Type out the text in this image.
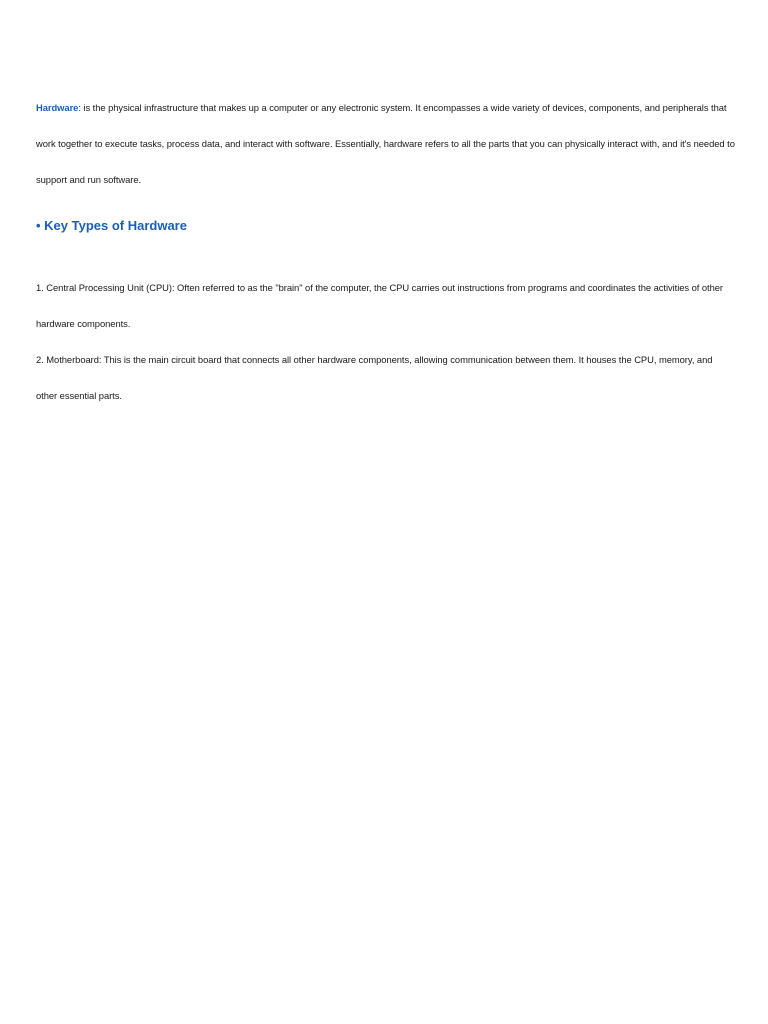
Hardware: is the physical infrastructure that makes up a computer or any electronic system. It encompasses a wide variety of devices, components, and peripherals that work together to execute tasks, process data, and interact with software. Essentially, hardware refers to all the parts that you can physically interact with, and it's needed to support and run software.

• Key Types of Hardware

1. Central Processing Unit (CPU): Often referred to as the "brain" of the computer, the CPU carries out instructions from programs and coordinates the activities of other hardware components.

2. Motherboard: This is the main circuit board that connects all other hardware components, allowing communication between them. It houses the CPU, memory, and other essential parts.
